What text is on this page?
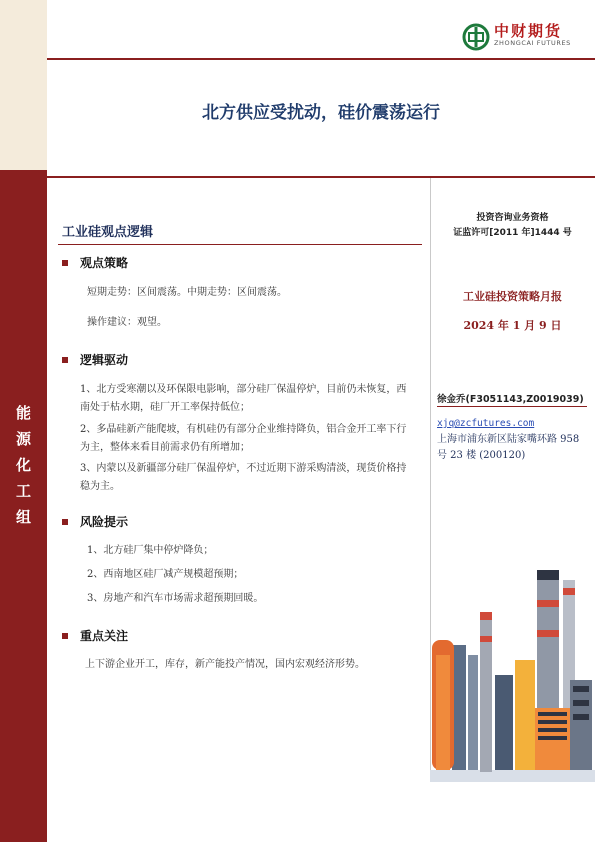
能
源
化
工
组
中财期货
ZHONGCAI FUTURES
北方供应受扰动，硅价震荡运行
工业硅观点逻辑
观点策略
短期走势：区间震荡。中期走势：区间震荡。
操作建议：观望。
逻辑驱动
1、北方受寒潮以及环保限电影响，部分硅厂保温停炉，目前仍未恢复，西南处于枯水期，硅厂开工率保持低位；
2、多晶硅新产能爬坡，有机硅仍有部分企业维持降负，铝合金开工率下行为主，整体来看目前需求仍有所增加；
3、内蒙以及新疆部分硅厂保温停炉，不过近期下游采购清淡，现货价格持稳为主。
风险提示
1、北方硅厂集中停炉降负；
2、西南地区硅厂减产规模超预期；
3、房地产和汽车市场需求超预期回暖。
重点关注
上下游企业开工，库存，新产能投产情况，国内宏观经济形势。
投资咨询业务资格
证监许可[2011 年]1444 号
工业硅投资策略月报
2024 年 1 月 9 日
徐金乔(F3051143,Z0019039)
xjq@zcfutures.com
上海市浦东新区陆家嘴环路 958 号 23 楼 (200120)
